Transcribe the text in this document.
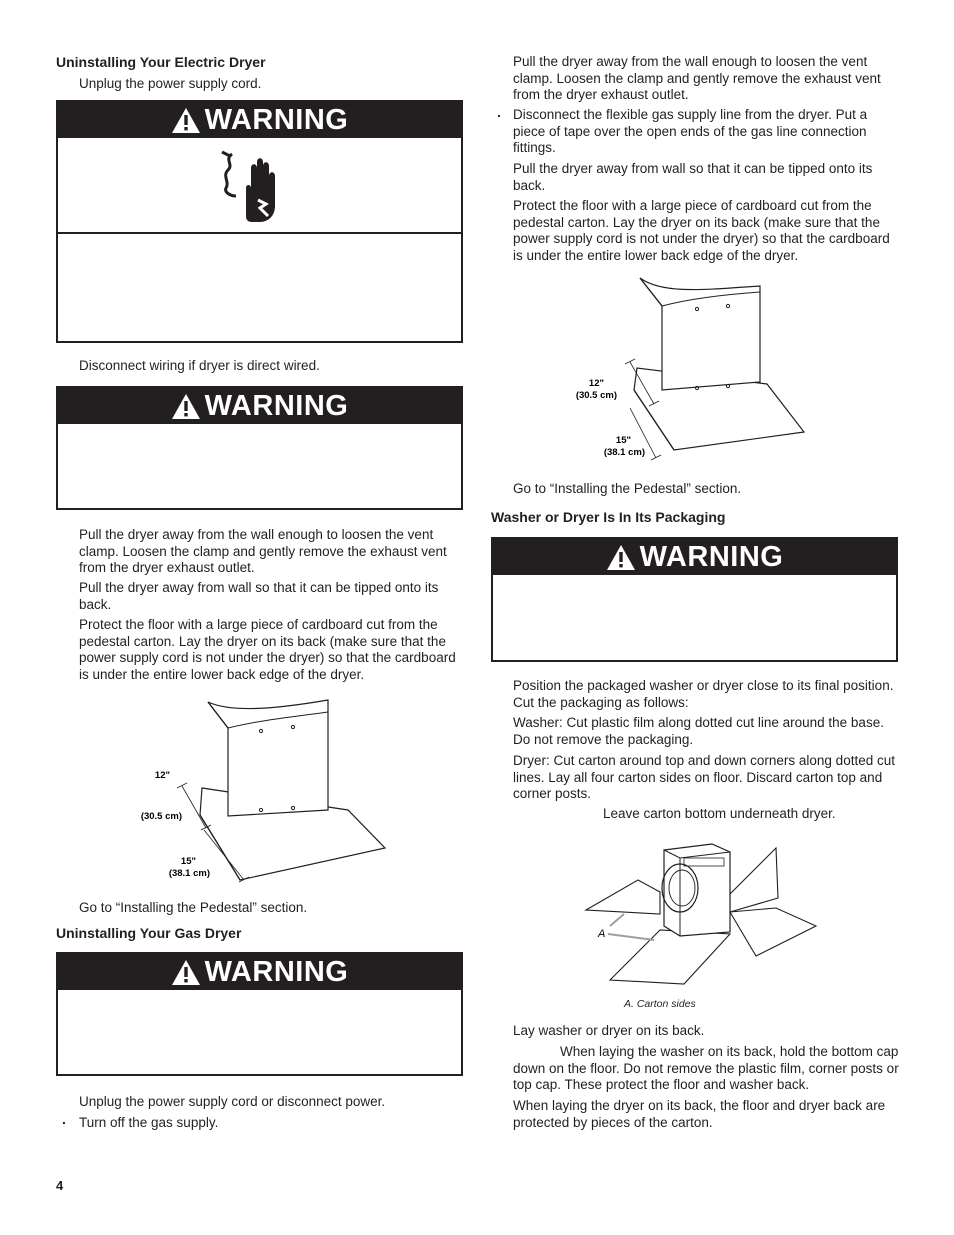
Uninstalling Your Electric Dryer
Unplug the power supply cord.
WARNING
Disconnect wiring if dryer is direct wired.
WARNING
Pull the dryer away from the wall enough to loosen the vent clamp. Loosen the clamp and gently remove the exhaust vent from the dryer exhaust outlet.
Pull the dryer away from wall so that it can be tipped onto its back.
Protect the floor with a large piece of cardboard cut from the pedestal carton. Lay the dryer on its back (make sure that the power supply cord is not under the dryer) so that the cardboard is under the entire lower back edge of the dryer.
12"
(30.5 cm)
15"
(38.1 cm)
Go to “Installing the Pedestal” section.
Uninstalling Your Gas Dryer
WARNING
Unplug the power supply cord or disconnect power.
. Turn off the gas supply.
4
Pull the dryer away from the wall enough to loosen the vent clamp. Loosen the clamp and gently remove the exhaust vent from the dryer exhaust outlet.
. Disconnect the flexible gas supply line from the dryer. Put a piece of tape over the open ends of the gas line connection fittings.
Pull the dryer away from wall so that it can be tipped onto its back.
Protect the floor with a large piece of cardboard cut from the pedestal carton. Lay the dryer on its back (make sure that the power supply cord is not under the dryer) so that the cardboard is under the entire lower back edge of the dryer.
12"
(30.5 cm)
15"
(38.1 cm)
Go to “Installing the Pedestal” section.
Washer or Dryer Is In Its Packaging
WARNING
Position the packaged washer or dryer close to its final position. Cut the packaging as follows:
Washer: Cut plastic film along dotted cut line around the base. Do not remove the packaging.
Dryer: Cut carton around top and down corners along dotted cut lines. Lay all four carton sides on floor. Discard carton top and corner posts.
Leave carton bottom underneath dryer.
A
A. Carton sides
Lay washer or dryer on its back.
When laying the washer on its back, hold the bottom cap down on the floor. Do not remove the plastic film, corner posts or top cap. These protect the floor and washer back.
When laying the dryer on its back, the floor and dryer back are protected by pieces of the carton.
